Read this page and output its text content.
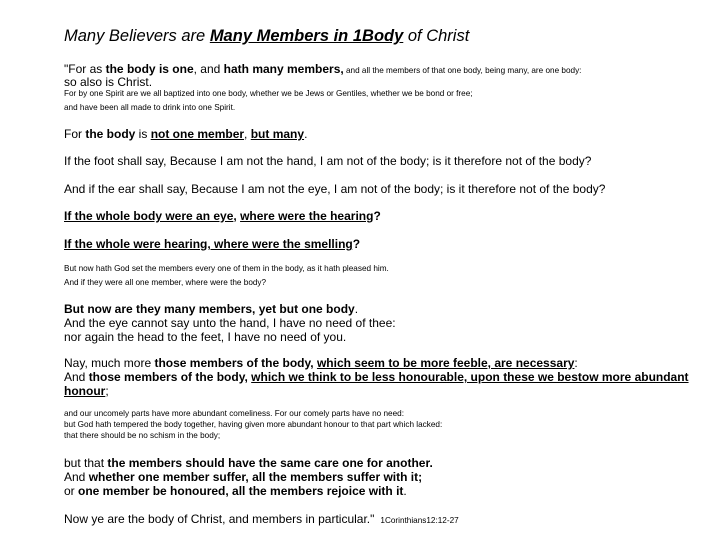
Many Believers are Many Members in 1Body of Christ
"For as the body is one, and hath many members, and all the members of that one body, being many, are one body:
so also is Christ.
For by one Spirit are we all baptized into one body, whether we be Jews or Gentiles, whether we be bond or free;
and have been all made to drink into one Spirit.
For the body is not one member, but many.
If the foot shall say, Because I am not the hand, I am not of the body; is it therefore not of the body?
And if the ear shall say, Because I am not the eye, I am not of the body; is it therefore not of the body?
If the whole body were an eye, where were the hearing?
If the whole were hearing, where were the smelling?
But now hath God set the members every one of them in the body, as it hath pleased him.
And if they were all one member, where were the body?
But now are they many members, yet but one body.
And the eye cannot say unto the hand, I have no need of thee:
nor again the head to the feet, I have no need of you.
Nay, much more those members of the body, which seem to be more feeble, are necessary:
And those members of the body, which we think to be less honourable, upon these we bestow more abundant
honour;
and our uncomely parts have more abundant comeliness. For our comely parts have no need:
but God hath tempered the body together, having given more abundant honour to that part which lacked:
that there should be no schism in the body;
but that the members should have the same care one for another.
And whether one member suffer, all the members suffer with it;
or one member be honoured, all the members rejoice with it.
Now ye are the body of Christ, and members in particular." 1Corinthians12:12-27
